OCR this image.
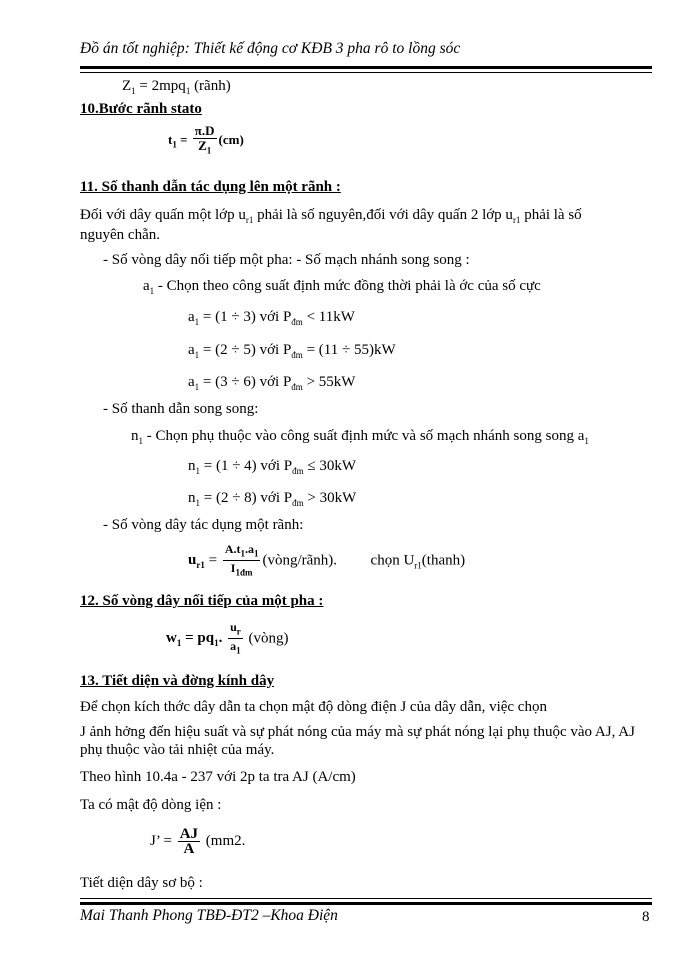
Đồ án tốt nghiệp: Thiết kế động cơ KĐB 3 pha rô to lồng sóc
$Z_1 = 2mpq_1$ (rãnh)
10.Bước rãnh stato
$t_1 = \frac{\pi.D}{Z_1} (cm)$
11. Số thanh dẫn tác dụng lên một rãnh :
Đối với dây quấn một lớp $u_{r1}$ phải là số nguyên,đối với dây quấn 2 lớp $u_{r1}$ phải là số
nguyên chẵn.
- Số vòng dây nối tiếp một pha: - Số mạch nhánh song song :
$a_1$ - Chọn theo công suất định mức đồng thời phải là ớc của số cực
$a_1 = (1 \div 3)$ với $P_{đm} < 11kW$
$a_1 = (2 \div 5)$ với $P_{đm} = (11 \div 55)kW$
$a_1 = (3 \div 6)$ với $P_{đm} > 55kW$
- Số thanh dẫn song song:
$n_1$ - Chọn phụ thuộc vào công suất định mức và số mạch nhánh song song $a_1$
$n_1 = (1 \div 4)$ với $P_{đm} \le 30kW$
$n_1 = (2 \div 8)$ với $P_{đm} > 30kW$
- Số vòng dây tác dụng một rãnh:
$u_{r1} = \frac{A.t_1.a_1}{I_{1đm}}$ (vòng/rãnh). chọn $U_{r1}(thanh)$
12. Số vòng dây nối tiếp của một pha :
$w_1 = pq_1$. $\frac{u_r}{a_1}$ (vòng)
13. Tiết diện và đờng kính dây
Để chọn kích thớc dây dẫn ta chọn mật độ dòng điện J của dây dẫn, việc chọn
J ảnh hởng đến hiệu suất và sự phát nóng của máy mà sự phát nóng lại phụ thuộc vào AJ, AJ phụ thuộc vào tải nhiệt của máy.
Theo hình 10.4a - 237 với 2p ta tra AJ (A/cm)
Ta có mật độ dòng iện :
J’ = $\frac{AJ}{A} (mm2$.
Tiết diện dây sơ bộ :
Mai Thanh Phong TBĐ-ĐT2 –Khoa Điện	8
